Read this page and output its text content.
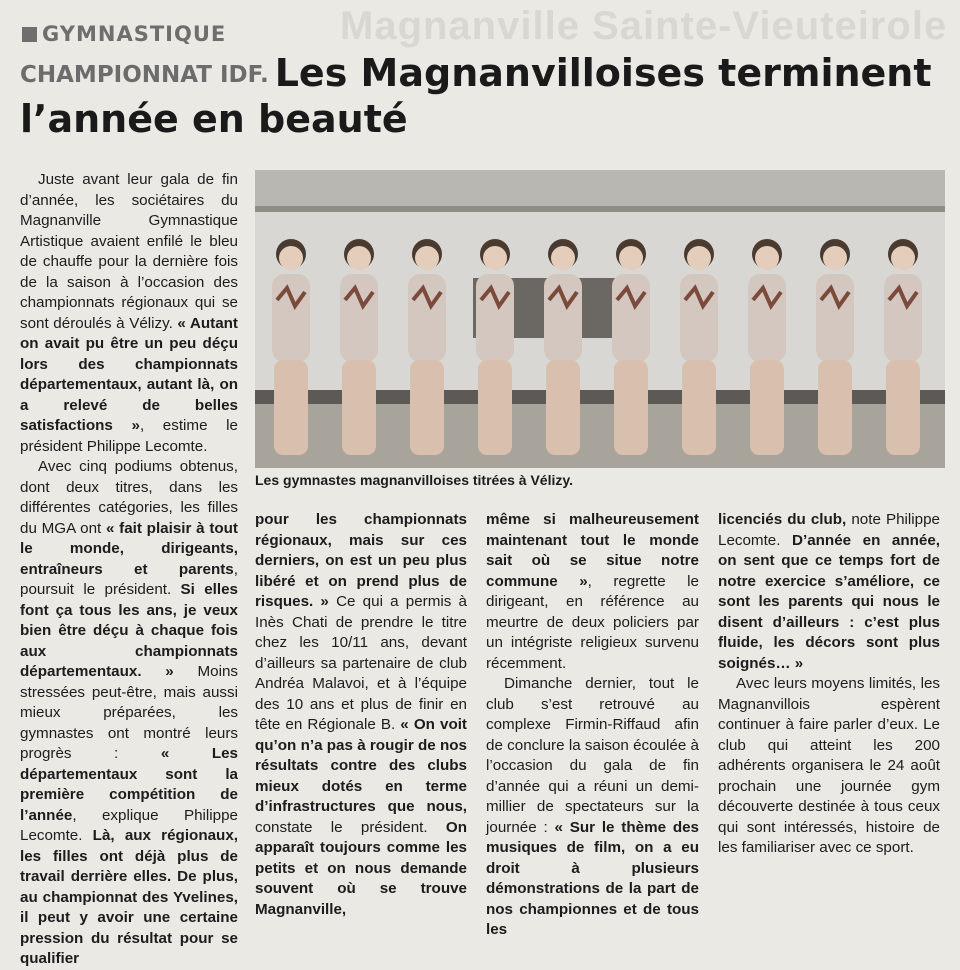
Magnanville Sainte-Vieuteirole
GYMNASTIQUE
CHAMPIONNAT IDF. Les Magnanvilloises terminent l’année en beauté

Juste avant leur gala de fin d’année, les sociétaires du Magnanville Gymnastique Artistique avaient enfilé le bleu de chauffe pour la dernière fois de la saison à l’occasion des championnats régionaux qui se sont déroulés à Vélizy. « Autant on avait pu être un peu déçu lors des championnats départementaux, autant là, on a relevé de belles satisfactions », estime le président Philippe Lecomte.

Avec cinq podiums obtenus, dont deux titres, dans les différentes catégories, les filles du MGA ont « fait plaisir à tout le monde, dirigeants, entraîneurs et parents, poursuit le président. Si elles font ça tous les ans, je veux bien être déçu à chaque fois aux championnats départementaux. » Moins stressées peut-être, mais aussi mieux préparées, les gymnastes ont montré leurs progrès : « Les départementaux sont la première compétition de l’année, explique Philippe Lecomte. Là, aux régionaux, les filles ont déjà plus de travail derrière elles. De plus, au championnat des Yvelines, il peut y avoir une certaine pression du résultat pour se qualifier

Les gymnastes magnanvilloises titrées à Vélizy.

pour les championnats régionaux, mais sur ces derniers, on est un peu plus libéré et on prend plus de risques. » Ce qui a permis à Inès Chati de prendre le titre chez les 10/11 ans, devant d’ailleurs sa partenaire de club Andréa Malavoi, et à l’équipe des 10 ans et plus de finir en tête en Régionale B. « On voit qu’on n’a pas à rougir de nos résultats contre des clubs mieux dotés en terme d’infrastructures que nous, constate le président. On apparaît toujours comme les petits et on nous demande souvent où se trouve Magnanville,

même si malheureusement maintenant tout le monde sait où se situe notre commune », regrette le dirigeant, en référence au meurtre de deux policiers par un intégriste religieux survenu récemment.

Dimanche dernier, tout le club s’est retrouvé au complexe Firmin-Riffaud afin de conclure la saison écoulée à l’occasion du gala de fin d’année qui a réuni un demi-millier de spectateurs sur la journée : « Sur le thème des musiques de film, on a eu droit à plusieurs démonstrations de la part de nos championnes et de tous les

licenciés du club, note Philippe Lecomte. D’année en année, on sent que ce temps fort de notre exercice s’améliore, ce sont les parents qui nous le disent d’ailleurs : c’est plus fluide, les décors sont plus soignés… »

Avec leurs moyens limités, les Magnanvillois espèrent continuer à faire parler d’eux. Le club qui atteint les 200 adhérents organisera le 24 août prochain une journée gym découverte destinée à tous ceux qui sont intéressés, histoire de les familiariser avec ce sport.
